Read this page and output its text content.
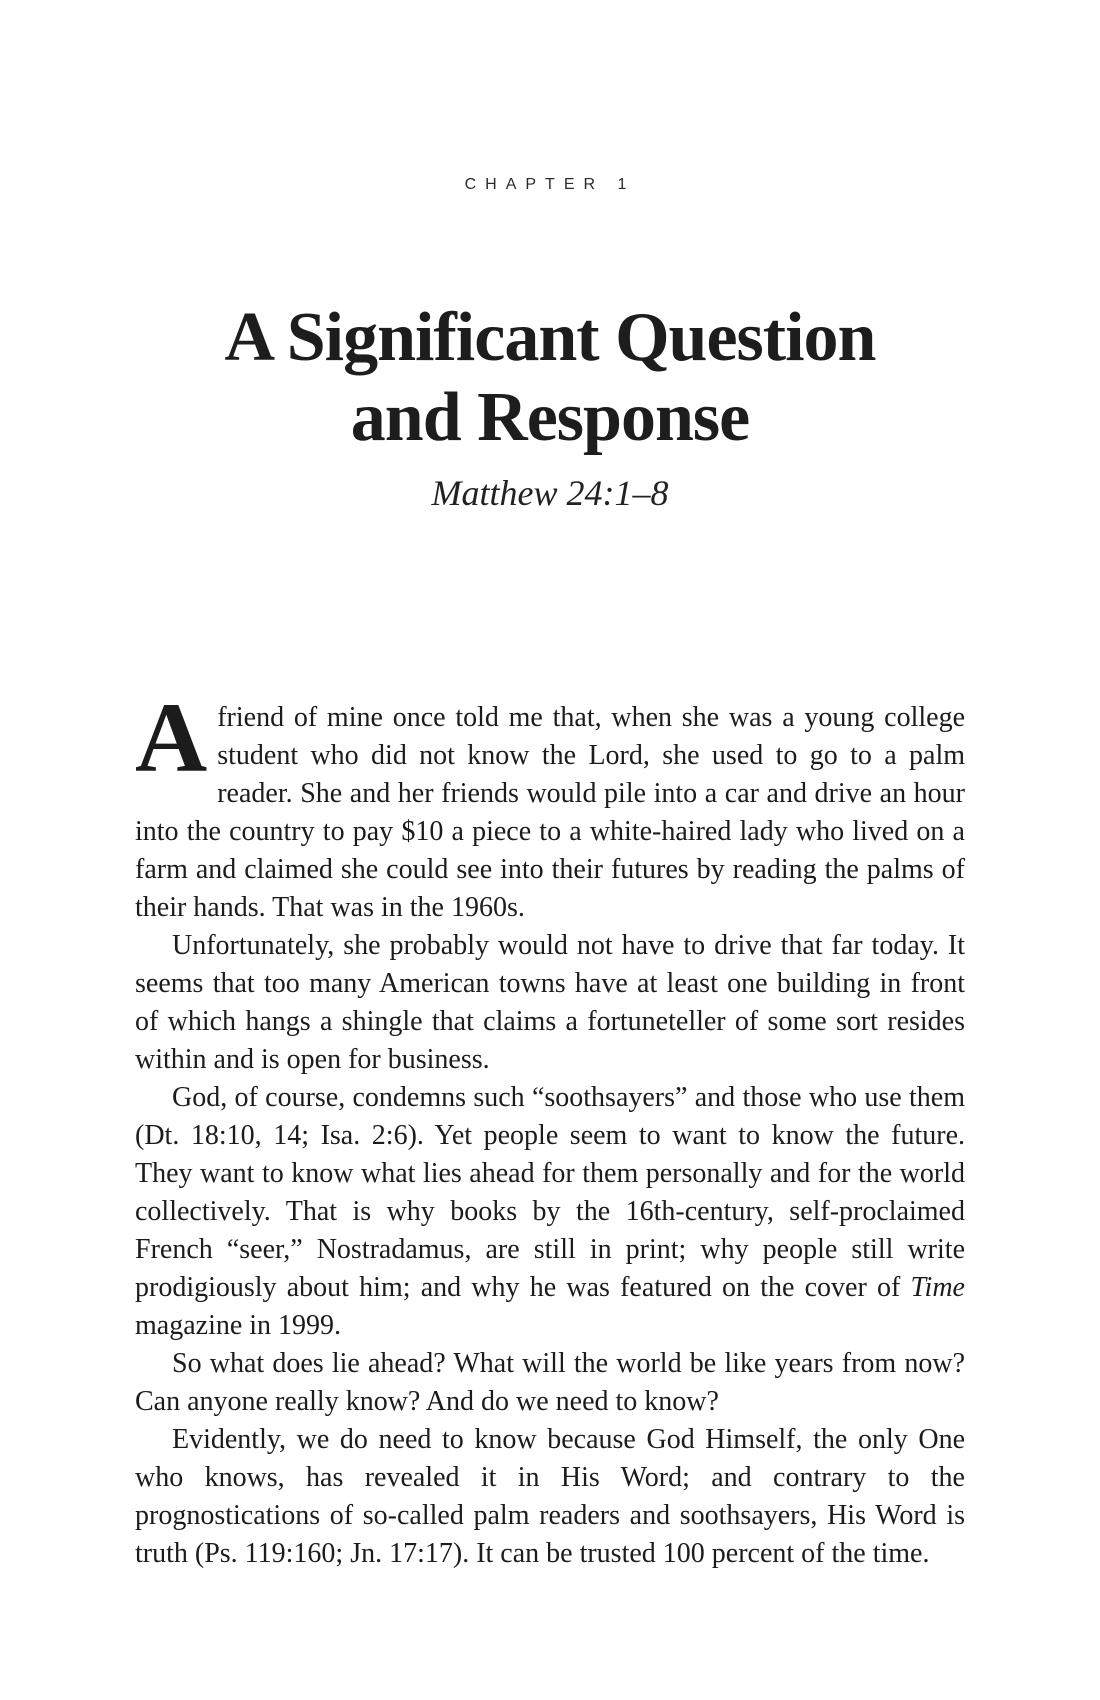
CHAPTER 1
A Significant Question
and Response
Matthew 24:1–8

Afriend of mine once told me that, when she was a young college student who did not know the Lord, she used to go to a palm reader. She and her friends would pile into a car and drive an hour into the country to pay $10 a piece to a white-haired lady who lived on a farm and claimed she could see into their futures by reading the palms of their hands. That was in the 1960s.

Unfortunately, she probably would not have to drive that far today. It seems that too many American towns have at least one building in front of which hangs a shingle that claims a fortuneteller of some sort resides within and is open for business.

God, of course, condemns such “soothsayers” and those who use them (Dt. 18:10, 14; Isa. 2:6). Yet people seem to want to know the future. They want to know what lies ahead for them personally and for the world collectively. That is why books by the 16th-century, self-proclaimed French “seer,” Nostradamus, are still in print; why people still write prodigiously about him; and why he was featured on the cover of Time magazine in 1999.

So what does lie ahead? What will the world be like years from now? Can anyone really know? And do we need to know?

Evidently, we do need to know because God Himself, the only One who knows, has revealed it in His Word; and contrary to the prognostications of so-called palm readers and soothsayers, His Word is truth (Ps. 119:160; Jn. 17:17). It can be trusted 100 percent of the time.
